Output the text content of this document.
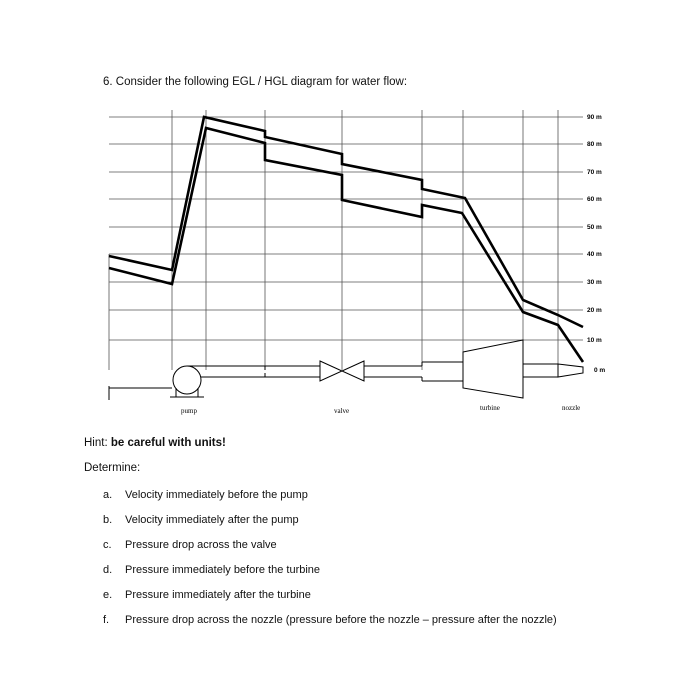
6. Consider the following EGL / HGL diagram for water flow:
pump	valve	turbine	nozzle
90 m
80 m
70 m
60 m
50 m
40 m
30 m
20 m
10 m
0 m
Hint: be careful with units!
Determine:
a. Velocity immediately before the pump
b. Velocity immediately after the pump
c. Pressure drop across the valve
d. Pressure immediately before the turbine
e. Pressure immediately after the turbine
f. Pressure drop across the nozzle (pressure before the nozzle – pressure after the nozzle)
